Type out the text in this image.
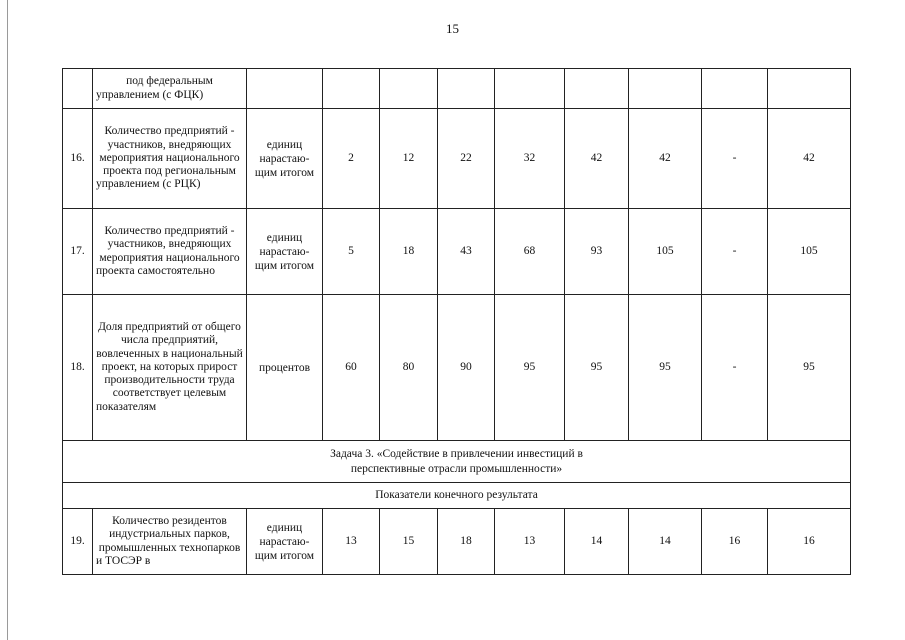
15
	под федеральным управлением (с ФЦК)									
16.	Количество предприятий - участников, внедряющих мероприятия национального проекта под региональным управлением (с РЦК)	единиц нарастаю-щим итогом	2	12	22	32	42	42	-	42
17.	Количество предприятий - участников, внедряющих мероприятия национального проекта самостоятельно	единиц нарастаю-щим итогом	5	18	43	68	93	105	-	105
18.	Доля предприятий от общего числа предприятий, вовлеченных в национальный проект, на которых прирост производительности труда соответствует целевым показателям	процентов	60	80	90	95	95	95	-	95
Задача 3. «Содействие в привлечении инвестиций в перспективные отрасли промышленности»										
Показатели конечного результата										
19.	Количество резидентов индустриальных парков, промышленных технопарков и ТОСЭР в	единиц нарастаю-щим итогом	13	15	18	13	14	14	16	16
